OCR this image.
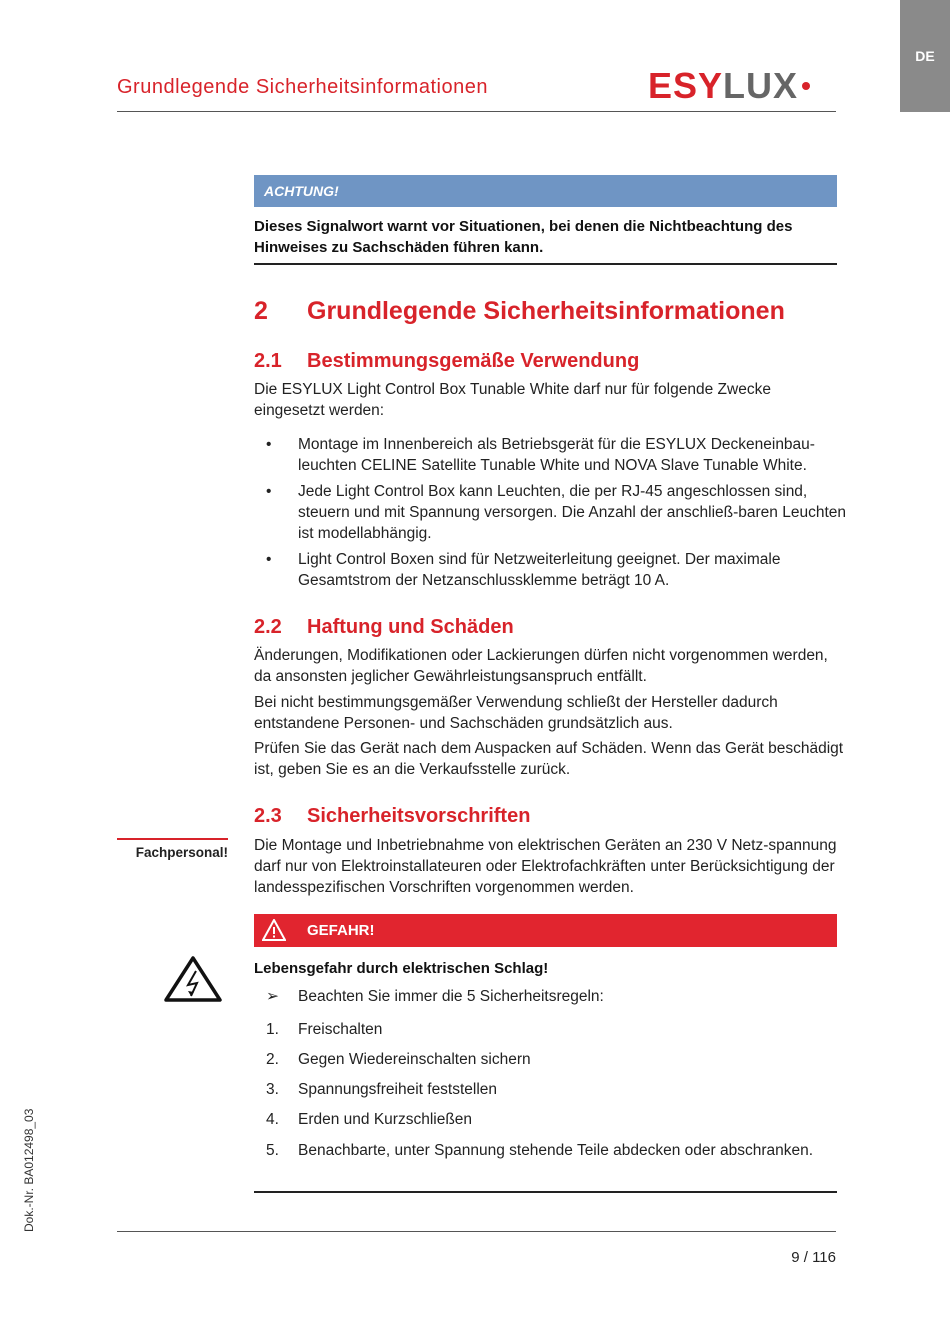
DE
Grundlegende Sicherheitsinformationen	ESY LUX
ACHTUNG!
Dieses Signalwort warnt vor Situationen, bei denen die Nichtbeachtung des Hinweises zu Sachschäden führen kann.
2 Grundlegende Sicherheitsinformationen
2.1 Bestimmungsgemäße Verwendung
Die ESYLUX Light Control Box Tunable White darf nur für folgende Zwecke eingesetzt werden:
• Montage im Innenbereich als Betriebsgerät für die ESYLUX Deckeneinbau-leuchten CELINE Satellite Tunable White und NOVA Slave Tunable White.
• Jede Light Control Box kann Leuchten, die per RJ-45 angeschlossen sind, steuern und mit Spannung versorgen. Die Anzahl der anschließ-baren Leuchten ist modellabhängig.
• Light Control Boxen sind für Netzweiterleitung geeignet. Der maximale Gesamtstrom der Netzanschlussklemme beträgt 10 A.
2.2 Haftung und Schäden
Änderungen, Modifikationen oder Lackierungen dürfen nicht vorgenommen werden, da ansonsten jeglicher Gewährleistungsanspruch entfällt.
Bei nicht bestimmungsgemäßer Verwendung schließt der Hersteller dadurch entstandene Personen- und Sachschäden grundsätzlich aus.
Prüfen Sie das Gerät nach dem Auspacken auf Schäden. Wenn das Gerät beschädigt ist, geben Sie es an die Verkaufsstelle zurück.
2.3 Sicherheitsvorschriften
Fachpersonal! Die Montage und Inbetriebnahme von elektrischen Geräten an 230 V Netz-spannung darf nur von Elektroinstallateuren oder Elektrofachkräften unter Berücksichtigung der landesspezifischen Vorschriften vorgenommen werden.
GEFAHR!
Lebensgefahr durch elektrischen Schlag!
➢ Beachten Sie immer die 5 Sicherheitsregeln:
1. Freischalten
2. Gegen Wiedereinschalten sichern
3. Spannungsfreiheit feststellen
4. Erden und Kurzschließen
5. Benachbarte, unter Spannung stehende Teile abdecken oder abschranken.
9 / 116
Dok.-Nr. BA012498_03
